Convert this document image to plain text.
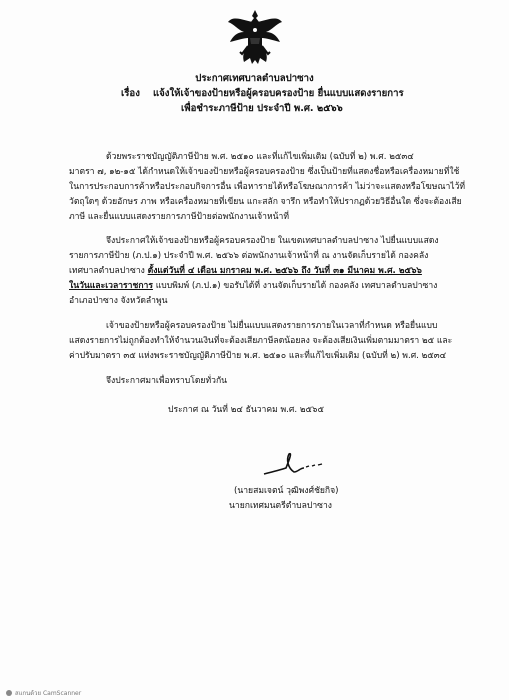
ประกาศเทศบาลตำบลปาซาง
เรื่อง แจ้งให้เจ้าของป้ายหรือผู้ครอบครองป้าย ยื่นแบบแสดงรายการ
เพื่อชำระภาษีป้าย ประจำปี พ.ศ. ๒๕๖๖
ด้วยพระราชบัญญัติภาษีป้าย พ.ศ. ๒๕๑๐ และที่แก้ไขเพิ่มเติม (ฉบับที่ ๒) พ.ศ. ๒๕๓๔
มาตรา ๗, ๑๒-๑๕ ได้กำหนดให้เจ้าของป้ายหรือผู้ครอบครองป้าย ซึ่งเป็นป้ายที่แสดงชื่อหรือเครื่องหมายที่ใช้
ในการประกอบการค้าหรือประกอบกิจการอื่น เพื่อหารายได้หรือโฆษณาการค้า ไม่ว่าจะแสดงหรือโฆษณาไว้ที่
วัตถุใดๆ ด้วยอักษร ภาพ หรือเครื่องหมายที่เขียน แกะสลัก จารึก หรือทำให้ปรากฏด้วยวิธีอื่นใด ซึ่งจะต้องเสีย
ภาษี และยื่นแบบแสดงรายการภาษีป้ายต่อพนักงานเจ้าหน้าที่
จึงประกาศให้เจ้าของป้ายหรือผู้ครอบครองป้าย ในเขตเทศบาลตำบลปาซาง ไปยื่นแบบแสดง
รายการภาษีป้าย (ภ.ป.๑) ประจำปี พ.ศ. ๒๕๖๖ ต่อพนักงานเจ้าหน้าที่ ณ งานจัดเก็บรายได้ กองคลัง
เทศบาลตำบลปาซาง ตั้งแต่วันที่ ๔ เดือน มกราคม พ.ศ. ๒๕๖๖ ถึง วันที่ ๓๑ มีนาคม พ.ศ. ๒๕๖๖
ในวันและเวลาราชการ แบบพิมพ์ (ภ.ป.๑) ขอรับได้ที่ งานจัดเก็บรายได้ กองคลัง เทศบาลตำบลปาซาง
อำเภอป่าซาง จังหวัดลำพูน
เจ้าของป้ายหรือผู้ครอบครองป้าย ไม่ยื่นแบบแสดงรายการภายในเวลาที่กำหนด หรือยื่นแบบ
แสดงรายการไม่ถูกต้องทำให้จำนวนเงินที่จะต้องเสียภาษีลดน้อยลง จะต้องเสียเงินเพิ่มตามมาตรา ๒๕ และ
ค่าปรับมาตรา ๓๕ แห่งพระราชบัญญัติภาษีป้าย พ.ศ. ๒๕๑๐ และที่แก้ไขเพิ่มเติม (ฉบับที่ ๒) พ.ศ. ๒๕๓๔
จึงประกาศมาเพื่อทราบโดยทั่วกัน
ประกาศ ณ วันที่ ๒๔ ธันวาคม พ.ศ. ๒๕๖๕
(นายสมเจตน์ วุฒิพงศ์ชัยกิจ)
นายกเทศมนตรีตำบลปาซาง
สแกนด้วย CamScanner
